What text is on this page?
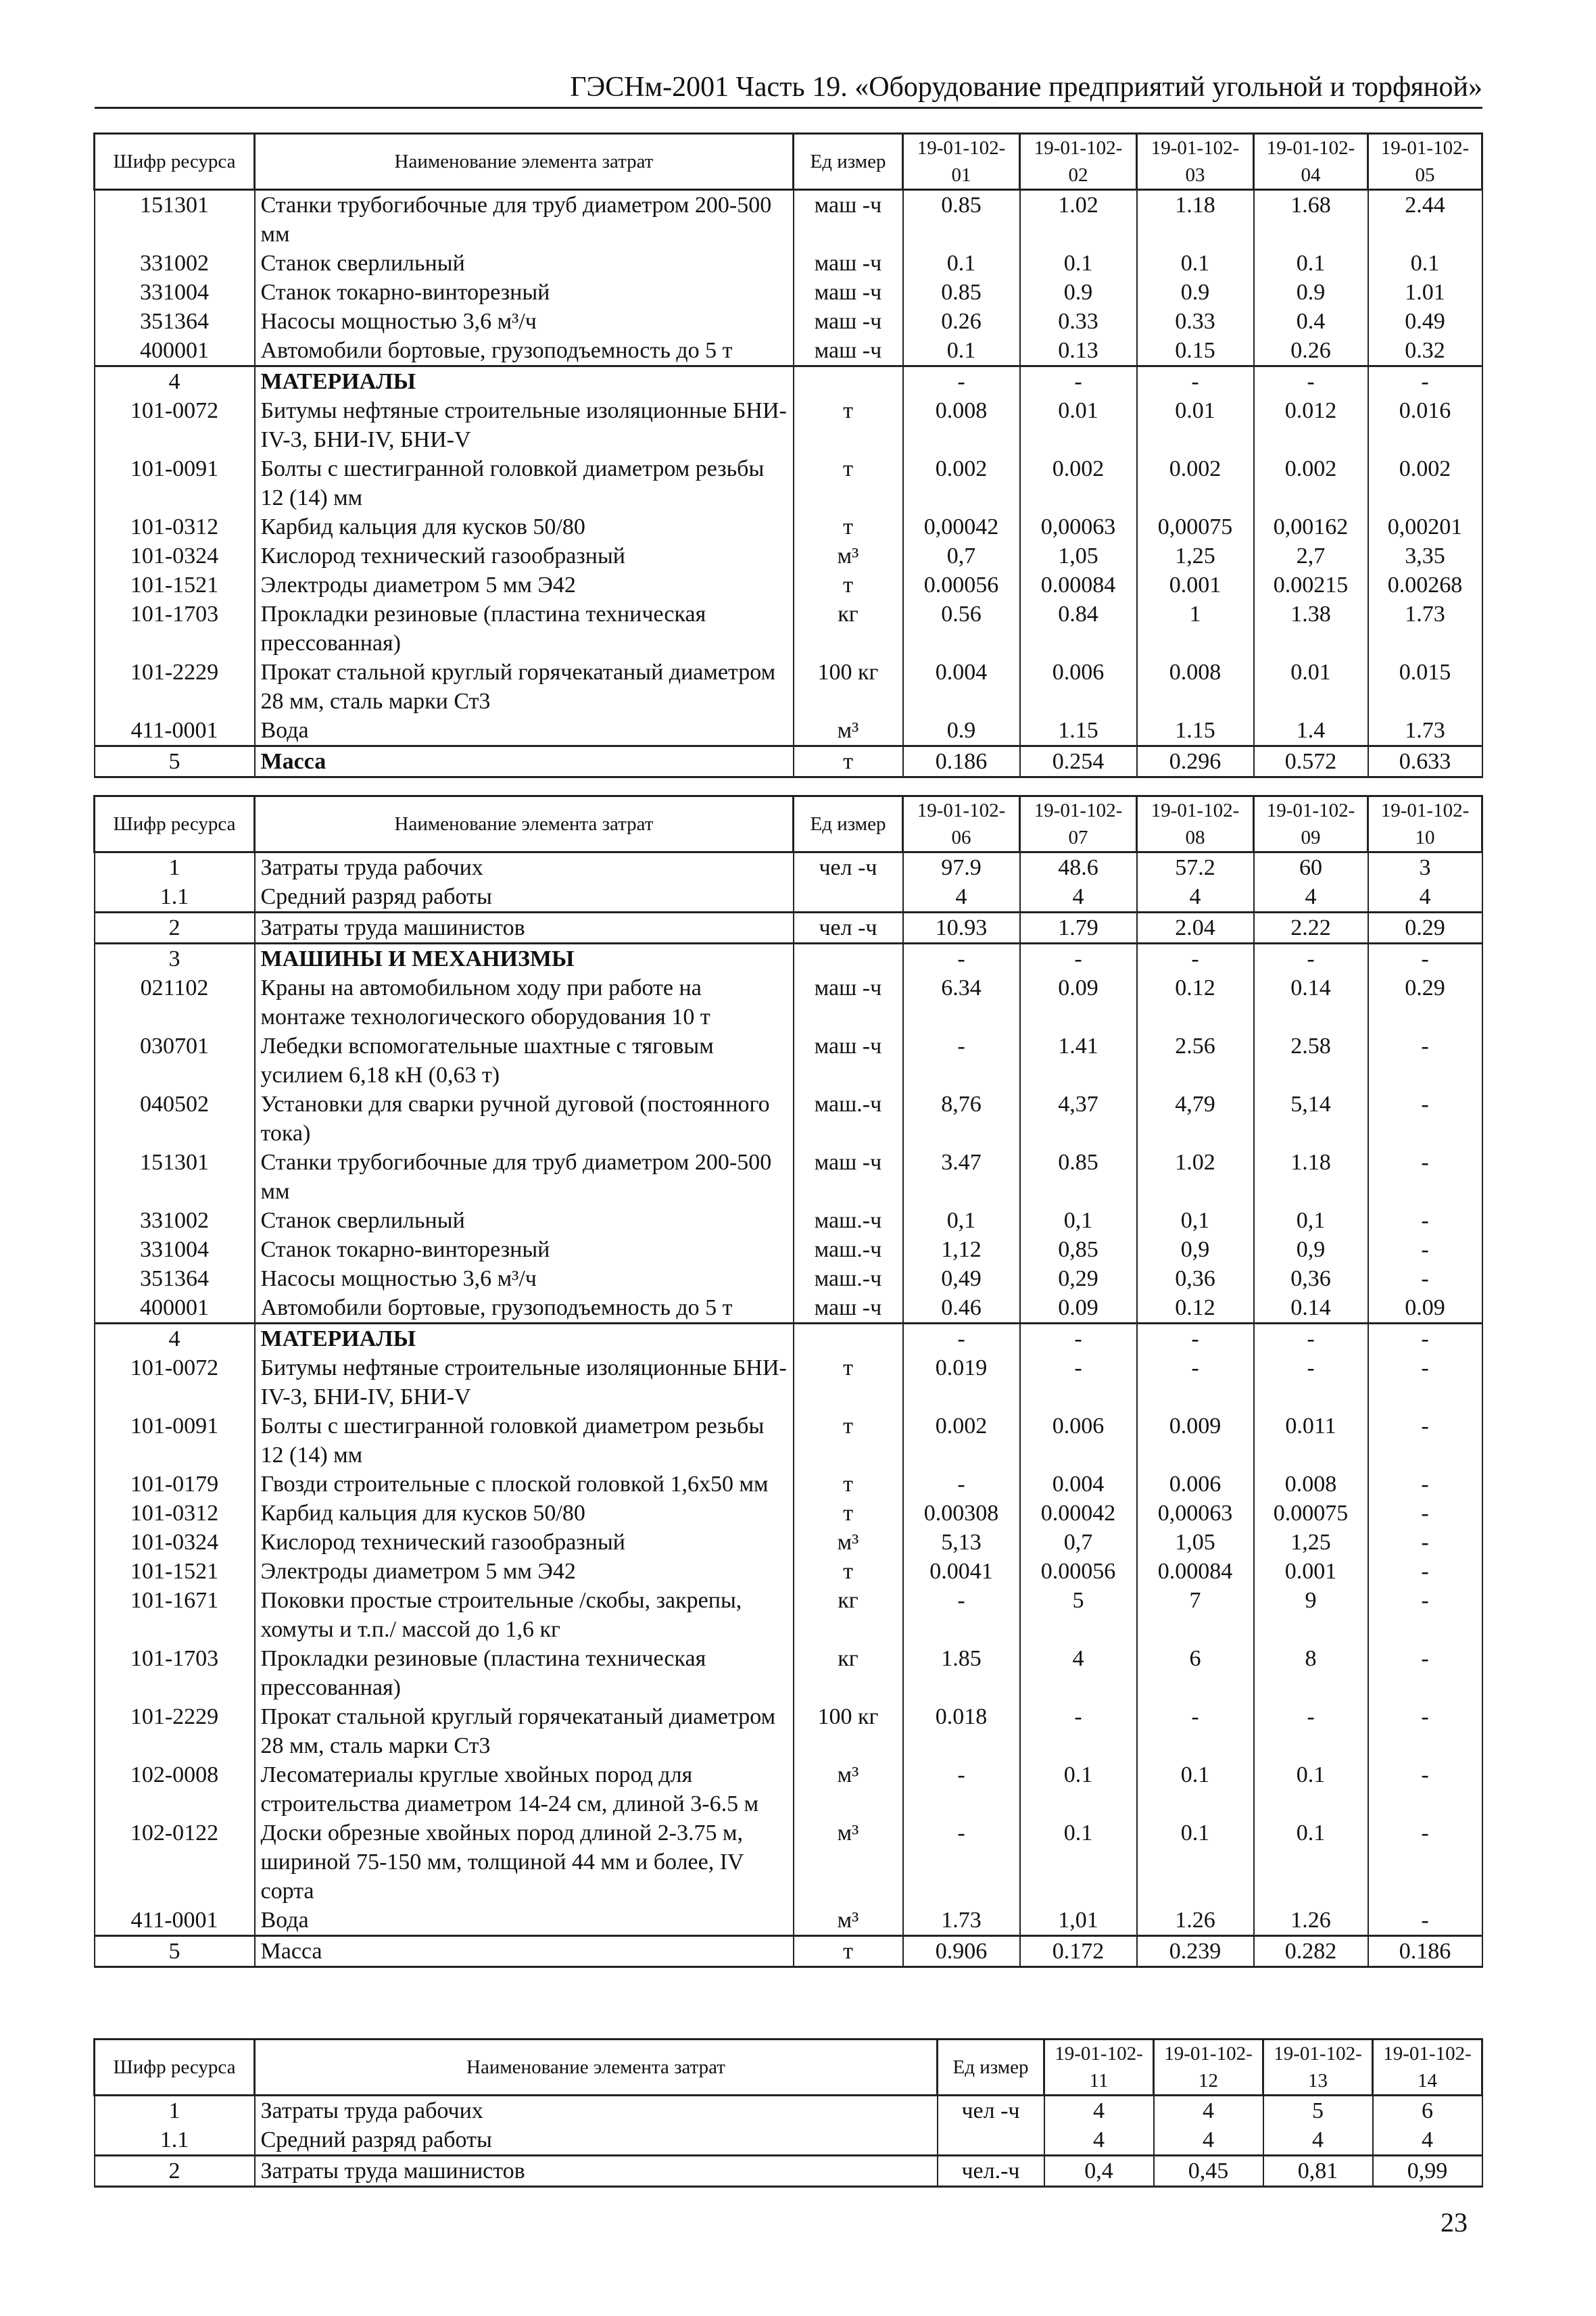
ГЭСНм-2001 Часть 19. «Оборудование предприятий угольной и торфяной»
Шифр ресурса	Наименование элемента затрат	Ед измер	19-01-102-01	19-01-102-02	19-01-102-03	19-01-102-04	19-01-102-05
151301	Станки трубогибочные для труб диаметром 200-500 мм	маш -ч	0.85	1.02	1.18	1.68	2.44
331002	Станок сверлильный	маш -ч	0.1	0.1	0.1	0.1	0.1
331004	Станок токарно-винторезный	маш -ч	0.85	0.9	0.9	0.9	1.01
351364	Насосы мощностью 3,6 м³/ч	маш -ч	0.26	0.33	0.33	0.4	0.49
400001	Автомобили бортовые, грузоподъемность до 5 т	маш -ч	0.1	0.13	0.15	0.26	0.32
4	МАТЕРИАЛЫ		-	-	-	-	-
101-0072	Битумы нефтяные строительные изоляционные БНИ-IV-3, БНИ-IV, БНИ-V	т	0.008	0.01	0.01	0.012	0.016
101-0091	Болты с шестигранной головкой диаметром резьбы 12 (14) мм	т	0.002	0.002	0.002	0.002	0.002
101-0312	Карбид кальция для кусков 50/80	т	0,00042	0,00063	0,00075	0,00162	0,00201
101-0324	Кислород технический газообразный	м³	0,7	1,05	1,25	2,7	3,35
101-1521	Электроды диаметром 5 мм Э42	т	0.00056	0.00084	0.001	0.00215	0.00268
101-1703	Прокладки резиновые (пластина техническая прессованная)	кг	0.56	0.84	1	1.38	1.73
101-2229	Прокат стальной круглый горячекатаный диаметром 28 мм, сталь марки Ст3	100 кг	0.004	0.006	0.008	0.01	0.015
411-0001	Вода	м³	0.9	1.15	1.15	1.4	1.73
5	Масса	т	0.186	0.254	0.296	0.572	0.633
Шифр ресурса	Наименование элемента затрат	Ед измер	19-01-102-06	19-01-102-07	19-01-102-08	19-01-102-09	19-01-102-10
1	Затраты труда рабочих	чел -ч	97.9	48.6	57.2	60	3
1.1	Средний разряд работы		4	4	4	4	4
2	Затраты труда машинистов	чел -ч	10.93	1.79	2.04	2.22	0.29
3	МАШИНЫ И МЕХАНИЗМЫ		-	-	-	-	-
021102	Краны на автомобильном ходу при работе на монтаже технологического оборудования 10 т	маш -ч	6.34	0.09	0.12	0.14	0.29
030701	Лебедки вспомогательные шахтные с тяговым усилием 6,18 кН (0,63 т)	маш -ч	-	1.41	2.56	2.58	-
040502	Установки для сварки ручной дуговой (постоянного тока)	маш.-ч	8,76	4,37	4,79	5,14	-
151301	Станки трубогибочные для труб диаметром 200-500 мм	маш -ч	3.47	0.85	1.02	1.18	-
331002	Станок сверлильный	маш.-ч	0,1	0,1	0,1	0,1	-
331004	Станок токарно-винторезный	маш.-ч	1,12	0,85	0,9	0,9	-
351364	Насосы мощностью 3,6 м³/ч	маш.-ч	0,49	0,29	0,36	0,36	-
400001	Автомобили бортовые, грузоподъемность до 5 т	маш -ч	0.46	0.09	0.12	0.14	0.09
4	МАТЕРИАЛЫ		-	-	-	-	-
101-0072	Битумы нефтяные строительные изоляционные БНИ-IV-3, БНИ-IV, БНИ-V	т	0.019	-	-	-	-
101-0091	Болты с шестигранной головкой диаметром резьбы 12 (14) мм	т	0.002	0.006	0.009	0.011	-
101-0179	Гвозди строительные с плоской головкой 1,6х50 мм	т	-	0.004	0.006	0.008	-
101-0312	Карбид кальция для кусков 50/80	т	0.00308	0.00042	0,00063	0.00075	-
101-0324	Кислород технический газообразный	м³	5,13	0,7	1,05	1,25	-
101-1521	Электроды диаметром 5 мм Э42	т	0.0041	0.00056	0.00084	0.001	-
101-1671	Поковки простые строительные /скобы, закрепы, хомуты и т.п./ массой до 1,6 кг	кг	-	5	7	9	-
101-1703	Прокладки резиновые (пластина техническая прессованная)	кг	1.85	4	6	8	-
101-2229	Прокат стальной круглый горячекатаный диаметром 28 мм, сталь марки Ст3	100 кг	0.018	-	-	-	-
102-0008	Лесоматериалы круглые хвойных пород для строительства диаметром 14-24 см, длиной 3-6.5 м	м³	-	0.1	0.1	0.1	-
102-0122	Доски обрезные хвойных пород длиной 2-3.75 м, шириной 75-150 мм, толщиной 44 мм и более, IV сорта	м³	-	0.1	0.1	0.1	-
411-0001	Вода	м³	1.73	1,01	1.26	1.26	-
5	Масса	т	0.906	0.172	0.239	0.282	0.186
Шифр ресурса	Наименование элемента затрат	Ед измер	19-01-102-11	19-01-102-12	19-01-102-13	19-01-102-14
1	Затраты труда рабочих	чел -ч	4	4	5	6
1.1	Средний разряд работы		4	4	4	4
2	Затраты труда машинистов	чел.-ч	0,4	0,45	0,81	0,99
23
